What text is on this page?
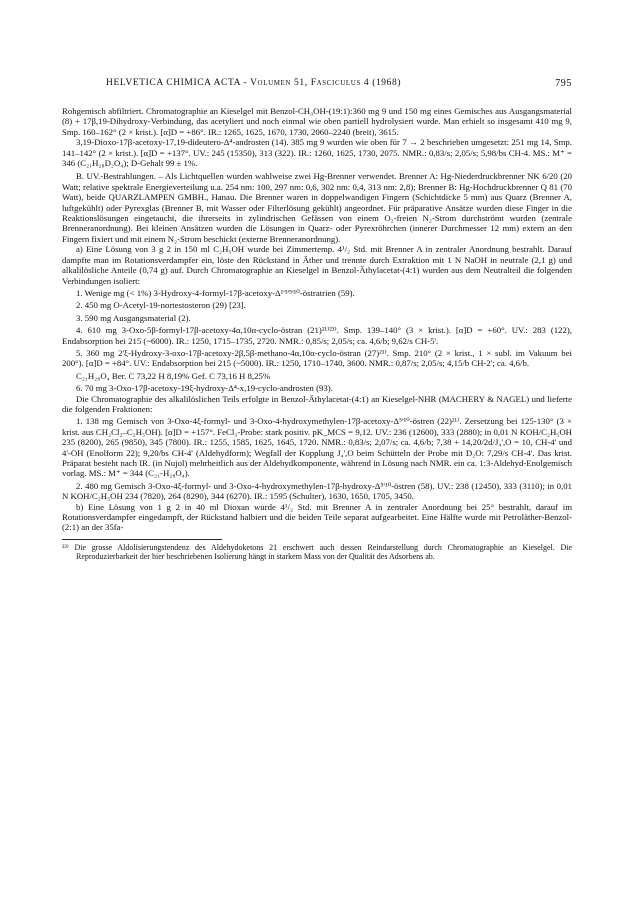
HELVETICA CHIMICA ACTA - Volumen 51, Fasciculus 4 (1968)	795

Rohgemisch abfiltriert. Chromatographie an Kieselgel mit Benzol-CH₃OH-(19:1):360 mg 9 und 150 mg eines Gemisches aus Ausgangsmaterial (8) + 17β,19-Dihydroxy-Verbindung, das acetyliert und noch einmal wie oben partiell hydrolysiert wurde. Man erhielt so insgesamt 410 mg 9, Smp. 160–162° (2 × krist.). [α]D = +86°. IR.: 1265, 1625, 1670, 1730, 2060–2240 (breit), 3615.

3,19-Dioxo-17β-acetoxy-17,19-dideutero-Δ⁴-androsten (14). 385 mg 9 wurden wie oben für 7 → 2 beschrieben umgesetzt: 251 mg 14, Smp. 141–142° (2 × krist.). [α]D = +137°. UV.: 245 (15350), 313 (322). IR.: 1260, 1625, 1730, 2075. NMR.: 0,83/s; 2,05/s; 5,98/bs CH-4. MS.: M⁺ = 346 (C₂₁H₂₈D₂O₄); D-Gehalt 99 ± 1%.

B. UV.-Bestrahlungen. – Als Lichtquellen wurden wahlweise zwei Hg-Brenner verwendet. Brenner A: Hg-Niederdruckbrenner NK 6/20 (20 Watt; relative spektrale Energieverteilung u.a. 254 nm: 100, 297 nm: 0,6, 302 nm: 0,4, 313 nm: 2,8); Brenner B: Hg-Hochdruckbrenner Q 81 (70 Watt), beide QUARZLAMPEN GMBH., Hanau. Die Brenner waren in doppelwandigen Fingern (Schichtdicke 5 mm) aus Quarz (Brenner A, luftgekühlt) oder Pyrexglas (Brenner B, mit Wasser oder Filterlösung gekühlt) angeordnet. Für präparative Ansätze wurden diese Finger in die Reaktionslösungen eingetaucht, die ihrerseits in zylindrischen Gefässen von einem O₂-freien N₂-Strom durchströmt wurden (zentrale Brenneranordnung). Bei kleinen Ansätzen wurden die Lösungen in Quarz- oder Pyrexröhrchen (innerer Durchmesser 12 mm) extern an den Fingern fixiert und mit einem N₂-Strom beschickt (externe Brenneranordnung).

a) Eine Lösung von 3 g 2 in 150 ml C₂H₅OH wurde bei Zimmertemp. 4¹/₂ Std. mit Brenner A in zentraler Anordnung bestrahlt. Darauf dampfte man im Rotationsverdampfer ein, löste den Rückstand in Äther und trennte durch Extraktion mit 1 N NaOH in neutrale (2,1 g) und alkalilösliche Anteile (0,74 g) auf. Durch Chromatographie an Kieselgel in Benzol-Äthylacetat-(4:1) wurden aus dem Neutralteil die folgenden Verbindungen isoliert:

1. Wenige mg (< 1%) 3-Hydroxy-4-formyl-17β-acetoxy-Δ¹'³'⁵'¹⁰-östratrien (59).

2. 450 mg O-Acetyl-19-nortestosteron (29) [23].

3. 590 mg Ausgangsmaterial (2).

4. 610 mg 3-Oxo-5β-formyl-17β-acetoxy-4α,10α-cyclo-östran (21)²¹⁾²³⁾. Smp. 139–140° (3 × krist.). [α]D = +60°. UV.: 283 (122), Endabsorption bei 215 (~6000). IR.: 1250, 1715–1735, 2720. NMR.: 0,85/s; 2,05/s; ca. 4,6/b; 9,62/s CH-5'.

5. 360 mg 2'ξ-Hydroxy-3-oxo-17β-acetoxy-2β,5β-methano-4α,10α-cyclo-östran (27)²¹⁾. Smp. 210° (2 × krist., 1 × subl. im Vakuum bei 200°). [α]D = +84°. UV.: Endabsorption bei 215 (~5000). IR.: 1250, 1710–1740, 3600. NMR.: 0,87/s; 2,05/s; 4,15/b CH-2'; ca. 4,6/b.

C₂₁H₂₈O₄ Ber. C 73,22 H 8,19% Gef. C 73,16 H 8,25%

6. 70 mg 3-Oxo-17β-acetoxy-19ξ-hydroxy-Δ⁴-x,19-cyclo-androsten (93).

Die Chromatographie des alkalilöslichen Teils erfolgte in Benzol-Äthylacetat-(4:1) an Kieselgel-NHR (MACHERY & NAGEL) und lieferte die folgenden Fraktionen:

1. 138 mg Gemisch von 3-Oxo-4ξ-formyl- und 3-Oxo-4-hydroxymethylen-17β-acetoxy-Δ⁵'¹⁰-östren (22)²¹⁾. Zersetzung bei 125-130° (3 × krist. aus CH₂Cl₂–C₂H₅OH). [α]D = +157°. FeCl₃-Probe: stark positiv. pK_MCS = 9,12. UV.: 236 (12600), 333 (2880); in 0,01 N KOH/C₂H₅OH 235 (8200), 265 (9850), 345 (7800). IR.: 1255, 1585, 1625, 1645, 1720. NMR.: 0,83/s; 2,07/s; ca. 4,6/b; 7,38 + 14,20/2d/J₄',O = 10, CH-4' und 4'-OH (Enolform 22); 9,20/bs CH-4' (Aldehydform); Wegfall der Kopplung J₄',O beim Schütteln der Probe mit D₂O: 7,29/s CH-4'. Das krist. Präparat besteht nach IR. (in Nujol) mehrheitlich aus der Aldehydkomponente, während in Lösung nach NMR. ein ca. 1:3-Aldehyd-Enolgemisch vorlag. MS.: M⁺ = 344 (C₂₁-H₂₈O₄).

2. 480 mg Gemisch 3-Oxo-4ξ-formyl- und 3-Oxo-4-hydroxymethylen-17β-hydroxy-Δ⁵'¹⁰-östren (58). UV.: 238 (12450), 333 (3110); in 0,01 N KOH/C₂H₅OH 234 (7820), 264 (8290), 344 (6270). IR.: 1595 (Schulter), 1630, 1650, 1705, 3450.

b) Eine Lösung von 1 g 2 in 40 ml Dioxan wurde 4¹/₂ Std. mit Brenner A in zentraler Anordnung bei 25° bestrahlt, darauf im Rotationsverdampfer eingedampft, der Rückstand halbiert und die beiden Teile separat aufgearbeitet. Eine Hälfte wurde mit Petroläther-Benzol-(2:1) an der 35fa-

²³⁾ Die grosse Aldolisierungstendenz des Aldehydoketons 21 erschwert auch dessen Reindarstellung durch Chromatographie an Kieselgel. Die Reproduzierbarkeit der hier beschriebenen Isolierung hängt in starkem Mass von der Qualität des Adsorbens ab.
